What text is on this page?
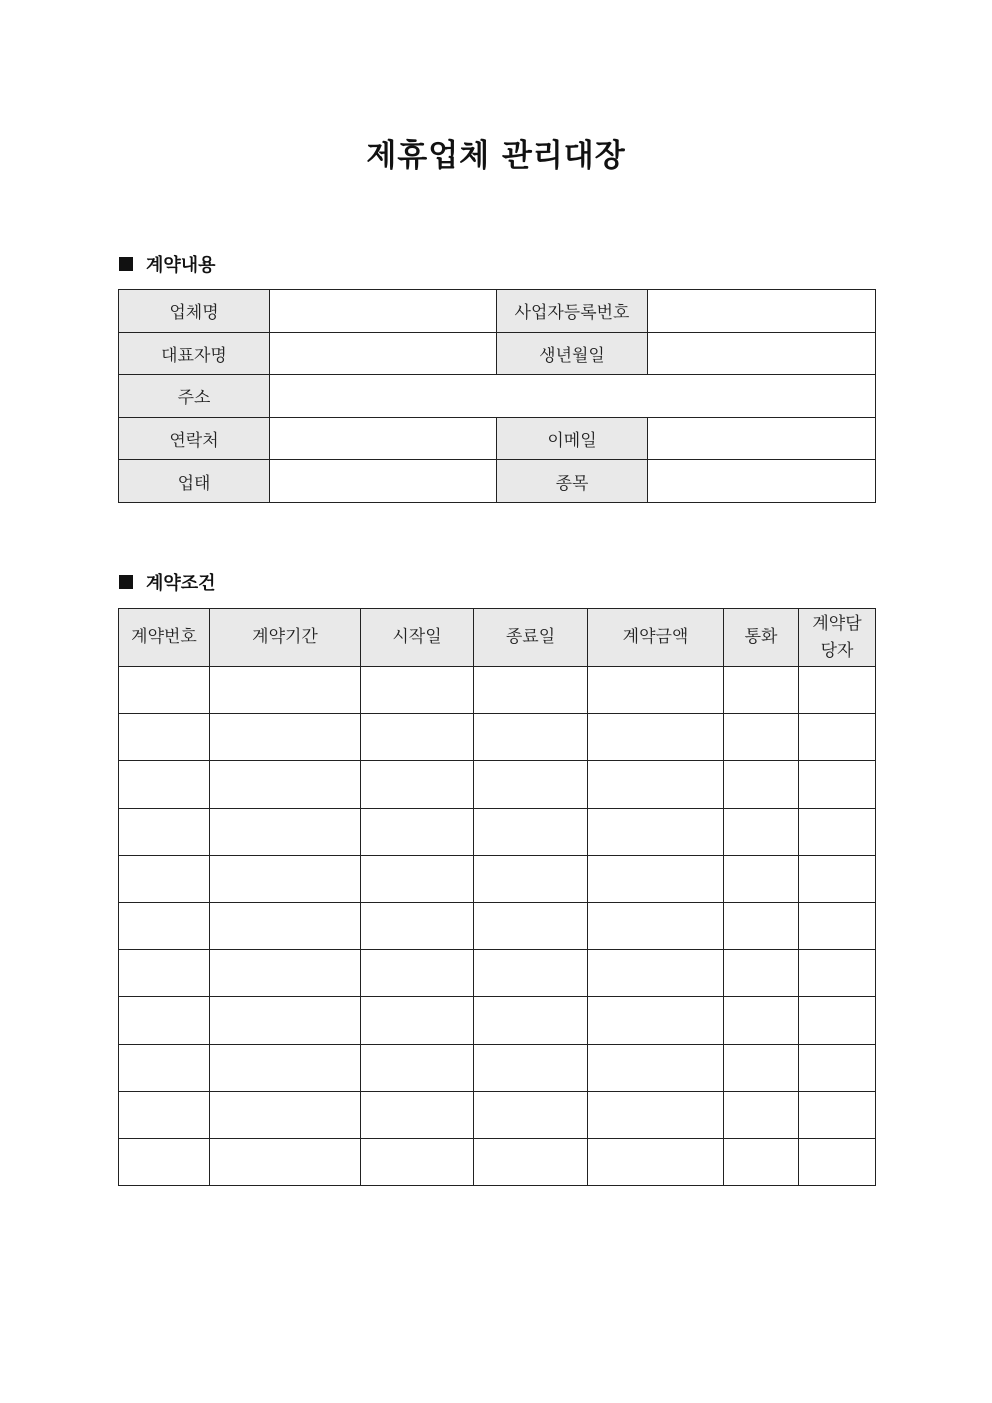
제휴업체 관리대장
계약내용
업체명		사업자등록번호	
대표자명		생년월일	
주소			
연락처		이메일	
업태		종목	
계약조건
계약번호	계약기간	시작일	종료일	계약금액	통화	계약담
당자
